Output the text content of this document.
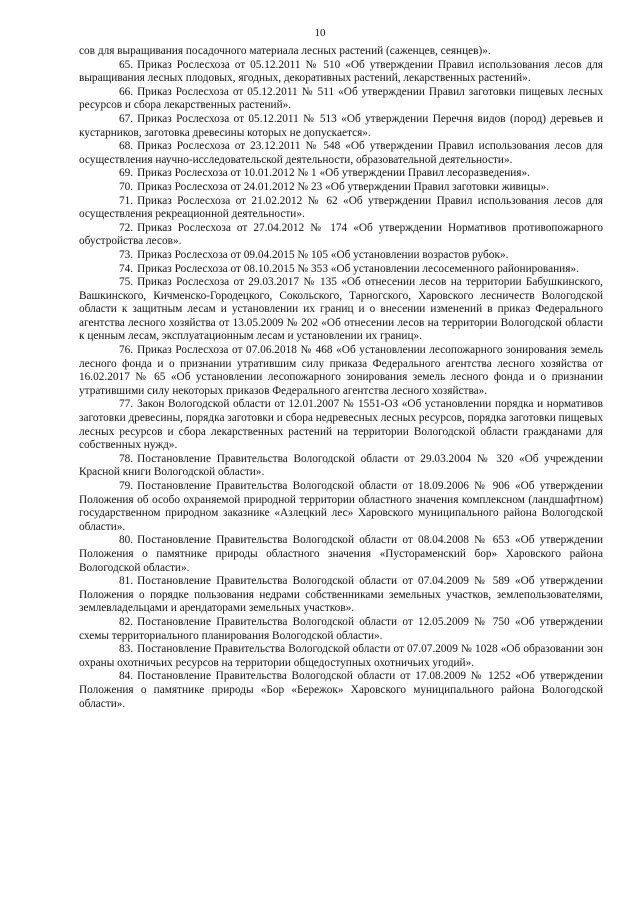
10

сов для выращивания посадочного материала лесных растений (саженцев, сеянцев)».

65. Приказ Рослесхоза от 05.12.2011 № 510 «Об утверждении Правил использования лесов для выращивания лесных плодовых, ягодных, декоративных растений, лекарственных растений».

66. Приказ Рослесхоза от 05.12.2011 № 511 «Об утверждении Правил заготовки пищевых лесных ресурсов и сбора лекарственных растений».

67. Приказ Рослесхоза от 05.12.2011 № 513 «Об утверждении Перечня видов (пород) деревьев и кустарников, заготовка древесины которых не допускается».

68. Приказ Рослесхоза от 23.12.2011 № 548 «Об утверждении Правил использования лесов для осуществления научно-исследовательской деятельности, образовательной деятельности».

69. Приказ Рослесхоза от 10.01.2012 № 1 «Об утверждении Правил лесоразведения».

70. Приказ Рослесхоза от 24.01.2012 № 23 «Об утверждении Правил заготовки живицы».

71. Приказ Рослесхоза от 21.02.2012 № 62 «Об утверждении Правил использования лесов для осуществления рекреационной деятельности».

72. Приказ Рослесхоза от 27.04.2012 № 174 «Об утверждении Нормативов противопожарного обустройства лесов».

73. Приказ Рослесхоза от 09.04.2015 № 105 «Об установлении возрастов рубок».

74. Приказ Рослесхоза от 08.10.2015 № 353 «Об установлении лесосеменного районирования».

75. Приказ Рослесхоза от 29.03.2017 № 135 «Об отнесении лесов на территории Бабушкинского, Вашкинского, Кичменско-Городецкого, Сокольского, Тарногского, Харовского лесничеств Вологодской области к защитным лесам и установлении их границ и о внесении изменений в приказ Федерального агентства лесного хозяйства от 13.05.2009 № 202 «Об отнесении лесов на территории Вологодской области к ценным лесам, эксплуатационным лесам и установлении их границ».

76. Приказ Рослесхоза от 07.06.2018 № 468 «Об установлении лесопожарного зонирования земель лесного фонда и о признании утратившим силу приказа Федерального агентства лесного хозяйства от 16.02.2017 № 65 «Об установлении лесопожарного зонирования земель лесного фонда и о признании утратившими силу некоторых приказов Федерального агентства лесного хозяйства».

77. Закон Вологодской области от 12.01.2007 № 1551-ОЗ «Об установлении порядка и нормативов заготовки древесины, порядка заготовки и сбора недревесных лесных ресурсов, порядка заготовки пищевых лесных ресурсов и сбора лекарственных растений на территории Вологодской области гражданами для собственных нужд».

78. Постановление Правительства Вологодской области от 29.03.2004 № 320 «Об учреждении Красной книги Вологодской области».

79. Постановление Правительства Вологодской области от 18.09.2006 № 906 «Об утверждении Положения об особо охраняемой природной территории областного значения комплексном (ландшафтном) государственном природном заказнике «Азлецкий лес» Харовского муниципального района Вологодской области».

80. Постановление Правительства Вологодской области от 08.04.2008 № 653 «Об утверждении Положения о памятнике природы областного значения «Пустораменский бор» Харовского района Вологодской области».

81. Постановление Правительства Вологодской области от 07.04.2009 № 589 «Об утверждении Положения о порядке пользования недрами собственниками земельных участков, землепользователями, землевладельцами и арендаторами земельных участков».

82. Постановление Правительства Вологодской области от 12.05.2009 № 750 «Об утверждении схемы территориального планирования Вологодской области».

83. Постановление Правительства Вологодской области от 07.07.2009 № 1028 «Об образовании зон охраны охотничьих ресурсов на территории общедоступных охотничьих угодий».

84. Постановление Правительства Вологодской области от 17.08.2009 № 1252 «Об утверждении Положения о памятнике природы «Бор «Бережок» Харовского муниципального района Вологодской области».
